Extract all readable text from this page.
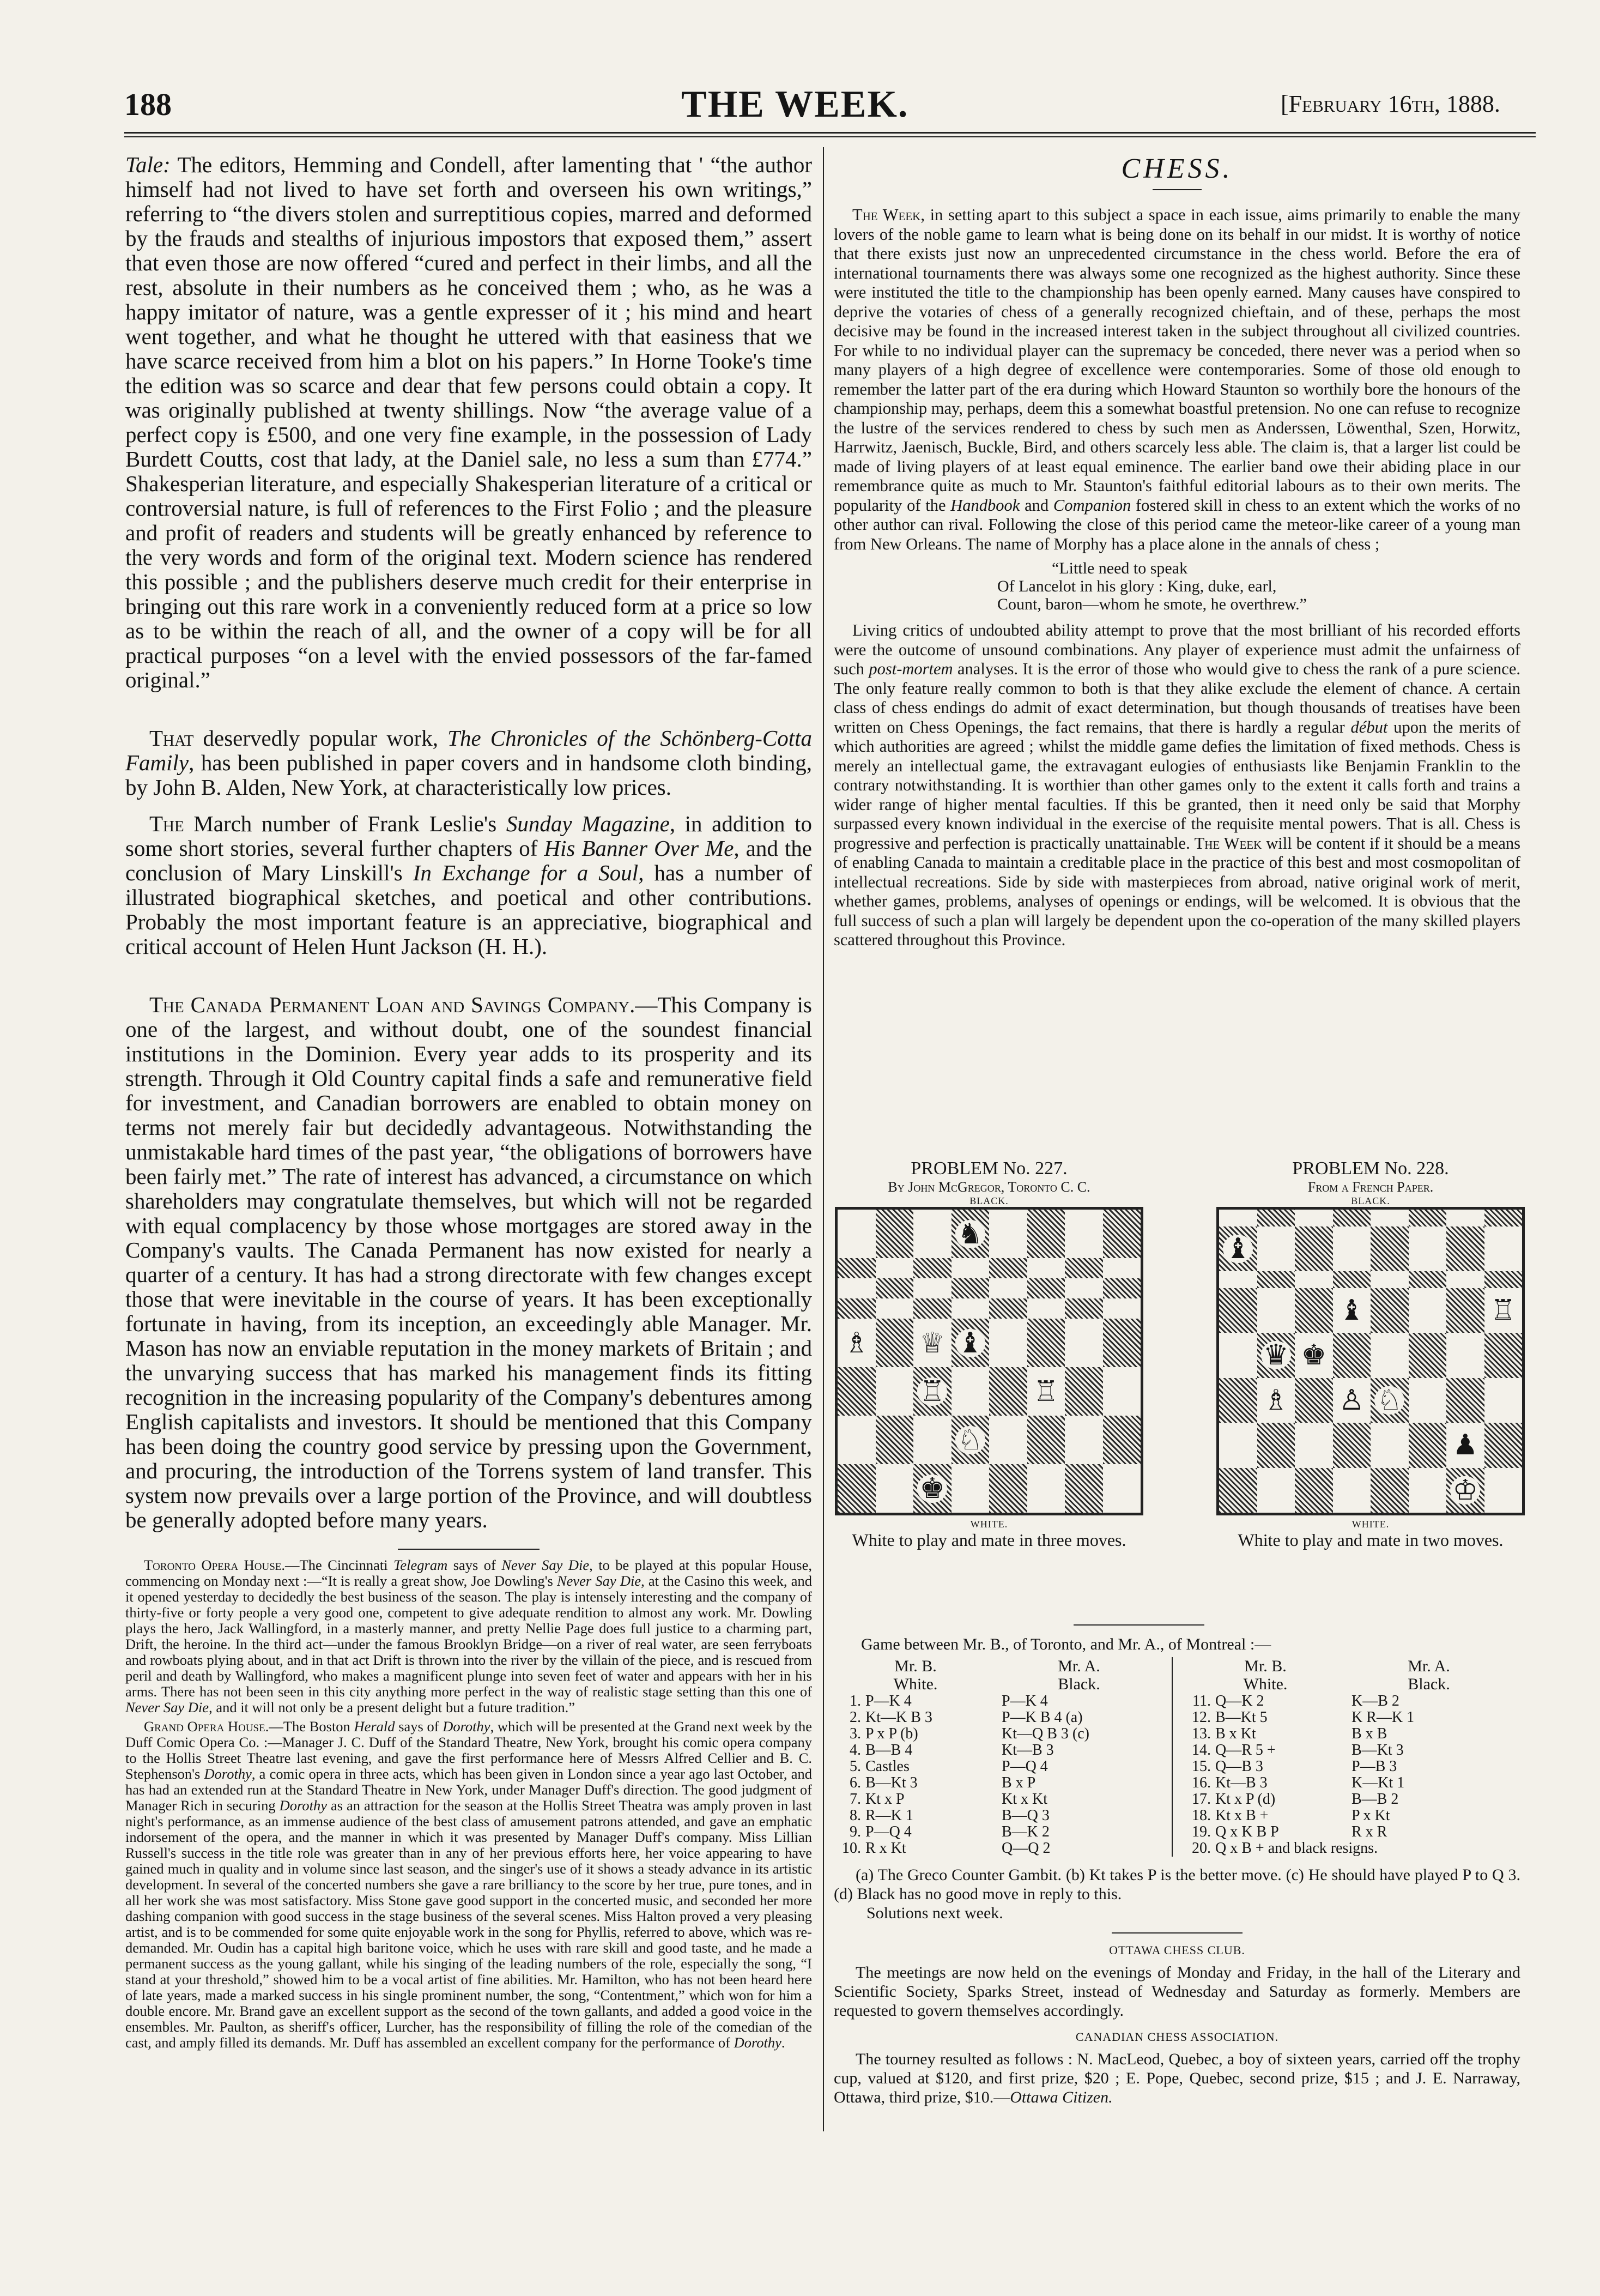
188	THE WEEK.	[February 16th, 1888.

Tale: The editors, Hemming and Condell, after lamenting that ' “the author himself had not lived to have set forth and overseen his own writings,” referring to “the divers stolen and surreptitious copies, marred and deformed by the frauds and stealths of injurious impostors that exposed them,” assert that even those are now offered “cured and perfect in their limbs, and all the rest, absolute in their numbers as he conceived them ; who, as he was a happy imitator of nature, was a gentle expresser of it ; his mind and heart went together, and what he thought he uttered with that easiness that we have scarce received from him a blot on his papers.” In Horne Tooke's time the edition was so scarce and dear that few persons could obtain a copy. It was originally published at twenty shillings. Now “the average value of a perfect copy is £500, and one very fine example, in the possession of Lady Burdett Coutts, cost that lady, at the Daniel sale, no less a sum than £774.” Shakesperian literature, and especially Shakesperian literature of a critical or controversial nature, is full of references to the First Folio ; and the pleasure and profit of readers and students will be greatly enhanced by reference to the very words and form of the original text. Modern science has rendered this possible ; and the publishers deserve much credit for their enterprise in bringing out this rare work in a conveniently reduced form at a price so low as to be within the reach of all, and the owner of a copy will be for all practical purposes “on a level with the envied possessors of the far-famed original.”

That deservedly popular work, The Chronicles of the Schönberg-Cotta Family, has been published in paper covers and in handsome cloth binding, by John B. Alden, New York, at characteristically low prices.

The March number of Frank Leslie's Sunday Magazine, in addition to some short stories, several further chapters of His Banner Over Me, and the conclusion of Mary Linskill's In Exchange for a Soul, has a number of illustrated biographical sketches, and poetical and other contributions. Probably the most important feature is an appreciative, biographical and critical account of Helen Hunt Jackson (H. H.).

The Canada Permanent Loan and Savings Company.—This Company is one of the largest, and without doubt, one of the soundest financial institutions in the Dominion. Every year adds to its prosperity and its strength. Through it Old Country capital finds a safe and remunerative field for investment, and Canadian borrowers are enabled to obtain money on terms not merely fair but decidedly advantageous. Notwithstanding the unmistakable hard times of the past year, “the obligations of borrowers have been fairly met.” The rate of interest has advanced, a circumstance on which shareholders may congratulate themselves, but which will not be regarded with equal complacency by those whose mortgages are stored away in the Company's vaults. The Canada Permanent has now existed for nearly a quarter of a century. It has had a strong directorate with few changes except those that were inevitable in the course of years. It has been exceptionally fortunate in having, from its inception, an exceedingly able Manager. Mr. Mason has now an enviable reputation in the money markets of Britain ; and the unvarying success that has marked his management finds its fitting recognition in the increasing popularity of the Company's debentures among English capitalists and investors. It should be mentioned that this Company has been doing the country good service by pressing upon the Government, and procuring, the introduction of the Torrens system of land transfer. This system now prevails over a large portion of the Province, and will doubtless be generally adopted before many years.

Toronto Opera House.—The Cincinnati Telegram says of Never Say Die, to be played at this popular House, commencing on Monday next :—“It is really a great show, Joe Dowling's Never Say Die, at the Casino this week, and it opened yesterday to decidedly the best business of the season. The play is intensely interesting and the company of thirty-five or forty people a very good one, competent to give adequate rendition to almost any work. Mr. Dowling plays the hero, Jack Wallingford, in a masterly manner, and pretty Nellie Page does full justice to a charming part, Drift, the heroine. In the third act—under the famous Brooklyn Bridge—on a river of real water, are seen ferryboats and rowboats plying about, and in that act Drift is thrown into the river by the villain of the piece, and is rescued from peril and death by Wallingford, who makes a magnificent plunge into seven feet of water and appears with her in his arms. There has not been seen in this city anything more perfect in the way of realistic stage setting than this one of Never Say Die, and it will not only be a present delight but a future tradition.”

Grand Opera House.—The Boston Herald says of Dorothy, which will be presented at the Grand next week by the Duff Comic Opera Co. :—Manager J. C. Duff of the Standard Theatre, New York, brought his comic opera company to the Hollis Street Theatre last evening, and gave the first performance here of Messrs Alfred Cellier and B. C. Stephenson's Dorothy, a comic opera in three acts, which has been given in London since a year ago last October, and has had an extended run at the Standard Theatre in New York, under Manager Duff's direction. The good judgment of Manager Rich in securing Dorothy as an attraction for the season at the Hollis Street Theatra was amply proven in last night's performance, as an immense audience of the best class of amusement patrons attended, and gave an emphatic indorsement of the opera, and the manner in which it was presented by Manager Duff's company. Miss Lillian Russell's success in the title role was greater than in any of her previous efforts here, her voice appearing to have gained much in quality and in volume since last season, and the singer's use of it shows a steady advance in its artistic development. In several of the concerted numbers she gave a rare brilliancy to the score by her true, pure tones, and in all her work she was most satisfactory. Miss Stone gave good support in the concerted music, and seconded her more dashing companion with good success in the stage business of the several scenes. Miss Halton proved a very pleasing artist, and is to be commended for some quite enjoyable work in the song for Phyllis, referred to above, which was re-demanded. Mr. Oudin has a capital high baritone voice, which he uses with rare skill and good taste, and he made a permanent success as the young gallant, while his singing of the leading numbers of the role, especially the song, “I stand at your threshold,” showed him to be a vocal artist of fine abilities. Mr. Hamilton, who has not been heard here of late years, made a marked success in his single prominent number, the song, “Contentment,” which won for him a double encore. Mr. Brand gave an excellent support as the second of the town gallants, and added a good voice in the ensembles. Mr. Paulton, as sheriff's officer, Lurcher, has the responsibility of filling the role of the comedian of the cast, and amply filled its demands. Mr. Duff has assembled an excellent company for the performance of Dorothy.

CHESS.

The Week, in setting apart to this subject a space in each issue, aims primarily to enable the many lovers of the noble game to learn what is being done on its behalf in our midst. It is worthy of notice that there exists just now an unprecedented circumstance in the chess world. Before the era of international tournaments there was always some one recognized as the highest authority. Since these were instituted the title to the championship has been openly earned. Many causes have conspired to deprive the votaries of chess of a generally recognized chieftain, and of these, perhaps the most decisive may be found in the increased interest taken in the subject throughout all civilized countries. For while to no individual player can the supremacy be conceded, there never was a period when so many players of a high degree of excellence were contemporaries. Some of those old enough to remember the latter part of the era during which Howard Staunton so worthily bore the honours of the championship may, perhaps, deem this a somewhat boastful pretension. No one can refuse to recognize the lustre of the services rendered to chess by such men as Anderssen, Löwenthal, Szen, Horwitz, Harrwitz, Jaenisch, Buckle, Bird, and others scarcely less able. The claim is, that a larger list could be made of living players of at least equal eminence. The earlier band owe their abiding place in our remembrance quite as much to Mr. Staunton's faithful editorial labours as to their own merits. The popularity of the Handbook and Companion fostered skill in chess to an extent which the works of no other author can rival. Following the close of this period came the meteor-like career of a young man from New Orleans. The name of Morphy has a place alone in the annals of chess ;

“Little need to speak
Of Lancelot in his glory : King, duke, earl,
Count, baron—whom he smote, he overthrew.”

Living critics of undoubted ability attempt to prove that the most brilliant of his recorded efforts were the outcome of unsound combinations. Any player of experience must admit the unfairness of such post-mortem analyses. It is the error of those who would give to chess the rank of a pure science. The only feature really common to both is that they alike exclude the element of chance. A certain class of chess endings do admit of exact determination, but though thousands of treatises have been written on Chess Openings, the fact remains, that there is hardly a regular début upon the merits of which authorities are agreed ; whilst the middle game defies the limitation of fixed methods. Chess is merely an intellectual game, the extravagant eulogies of enthusiasts like Benjamin Franklin to the contrary notwithstanding. It is worthier than other games only to the extent it calls forth and trains a wider range of higher mental faculties. If this be granted, then it need only be said that Morphy surpassed every known individual in the exercise of the requisite mental powers. That is all. Chess is progressive and perfection is practically unattainable. The Week will be content if it should be a means of enabling Canada to maintain a creditable place in the practice of this best and most cosmopolitan of intellectual recreations. Side by side with masterpieces from abroad, native original work of merit, whether games, problems, analyses of openings or endings, will be welcomed. It is obvious that the full success of such a plan will largely be dependent upon the co-operation of the many skilled players scattered throughout this Province.

PROBLEM No. 227.
By John McGregor, Toronto C. C.
BLACK.
♞
♗ ♕ ♝
♖	♖
♘
♚
WHITE.
White to play and mate in three moves.
PROBLEM No. 228.
From a French Paper.
BLACK.
♝
♝	♖
♛ ♚
♗ ♙ ♘
♟
♔
WHITE.
White to play and mate in two moves.
Game between Mr. B., of Toronto, and Mr. A., of Montreal :—
Mr. B.
White.
Mr. A.
Black.
1. P—K 4	P—K 4
2. Kt—K B 3	P—K B 4 (a)
3. P x P (b)	Kt—Q B 3 (c)
4. B—B 4	Kt—B 3
5. Castles	P—Q 4
6. B—Kt 3	B x P
7. Kt x P	Kt x Kt
8. R—K 1	B—Q 3
9. P—Q 4	B—K 2
10. R x Kt	Q—Q 2
Mr. B.
White.
Mr. A.
Black.
11. Q—K 2	K—B 2
12. B—Kt 5	K R—K 1
13. B x Kt	B x B
14. Q—R 5 +	B—Kt 3
15. Q—B 3	P—B 3
16. Kt—B 3	K—Kt 1
17. Kt x P (d)	B—B 2
18. Kt x B +	P x Kt
19. Q x K B P	R x R
20. Q x B + and black resigns.

(a) The Greco Counter Gambit. (b) Kt takes P is the better move. (c) He should have played P to Q 3. (d) Black has no good move in reply to this.

Solutions next week.

OTTAWA CHESS CLUB.

The meetings are now held on the evenings of Monday and Friday, in the hall of the Literary and Scientific Society, Sparks Street, instead of Wednesday and Saturday as formerly. Members are requested to govern themselves accordingly.

CANADIAN CHESS ASSOCIATION.

The tourney resulted as follows : N. MacLeod, Quebec, a boy of sixteen years, carried off the trophy cup, valued at $120, and first prize, $20 ; E. Pope, Quebec, second prize, $15 ; and J. E. Narraway, Ottawa, third prize, $10.—Ottawa Citizen.
